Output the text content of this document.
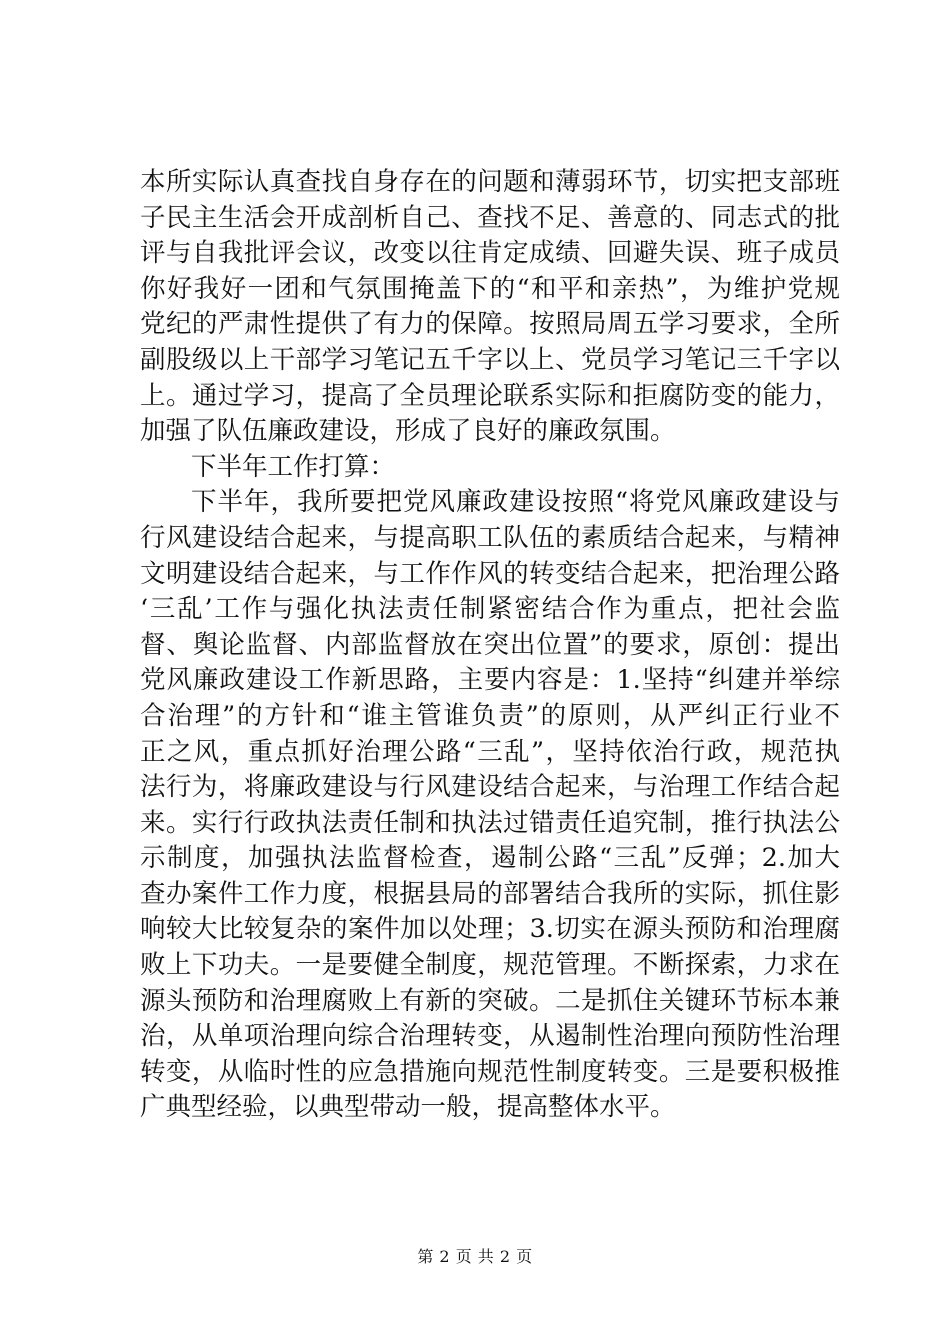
本所实际认真查找自身存在的问题和薄弱环节，切实把支部班
子民主生活会开成剖析自己、查找不足、善意的、同志式的批
评与自我批评会议，改变以往肯定成绩、回避失误、班子成员
你好我好一团和气氛围掩盖下的“和平和亲热”，为维护党规
党纪的严肃性提供了有力的保障。按照局周五学习要求，全所
副股级以上干部学习笔记五千字以上、党员学习笔记三千字以
上。通过学习，提高了全员理论联系实际和拒腐防变的能力，
加强了队伍廉政建设，形成了良好的廉政氛围。
下半年工作打算：
下半年，我所要把党风廉政建设按照“将党风廉政建设与
行风建设结合起来，与提高职工队伍的素质结合起来，与精神
文明建设结合起来，与工作作风的转变结合起来，把治理公路
‘三乱’工作与强化执法责任制紧密结合作为重点，把社会监
督、舆论监督、内部监督放在突出位置”的要求，原创：提出
党风廉政建设工作新思路，主要内容是：1.坚持“纠建并举综
合治理”的方针和“谁主管谁负责”的原则，从严纠正行业不
正之风，重点抓好治理公路“三乱”，坚持依治行政，规范执
法行为，将廉政建设与行风建设结合起来，与治理工作结合起
来。实行行政执法责任制和执法过错责任追究制，推行执法公
示制度，加强执法监督检查，遏制公路“三乱”反弹；2.加大
查办案件工作力度，根据县局的部署结合我所的实际，抓住影
响较大比较复杂的案件加以处理；3.切实在源头预防和治理腐
败上下功夫。一是要健全制度，规范管理。不断探索，力求在
源头预防和治理腐败上有新的突破。二是抓住关键环节标本兼
治，从单项治理向综合治理转变，从遏制性治理向预防性治理
转变，从临时性的应急措施向规范性制度转变。三是要积极推
广典型经验，以典型带动一般，提高整体水平。
第 2 页 共 2 页
